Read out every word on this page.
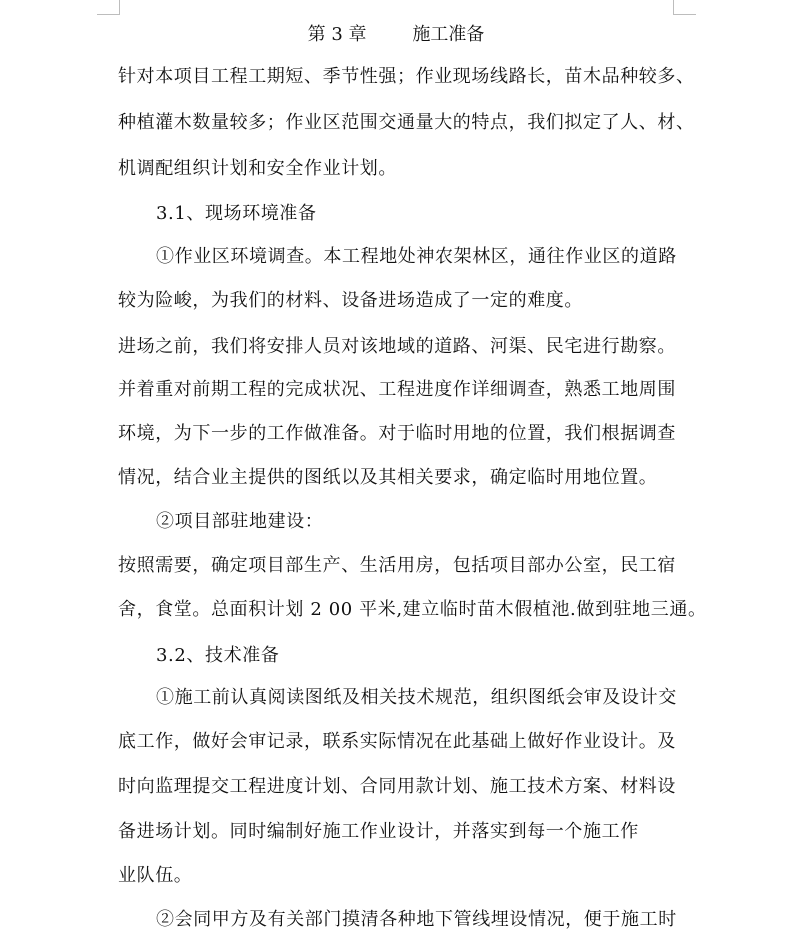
第 3 章	施工准备
针对本项目工程工期短、季节性强；作业现场线路长，苗木品种较多、
种植灌木数量较多；作业区范围交通量大的特点，我们拟定了人、材、
机调配组织计划和安全作业计划。
3.1、现场环境准备
①作业区环境调查。本工程地处神农架林区，通往作业区的道路
较为险峻，为我们的材料、设备进场造成了一定的难度。
进场之前，我们将安排人员对该地域的道路、河渠、民宅进行勘察。
并着重对前期工程的完成状况、工程进度作详细调查，熟悉工地周围
环境，为下一步的工作做准备。对于临时用地的位置，我们根据调查
情况，结合业主提供的图纸以及其相关要求，确定临时用地位置。
②项目部驻地建设：
按照需要，确定项目部生产、生活用房，包括项目部办公室，民工宿
舍，食堂。总面积计划 2 00 平米,建立临时苗木假植池.做到驻地三通。
3.2、技术准备
①施工前认真阅读图纸及相关技术规范，组织图纸会审及设计交
底工作，做好会审记录，联系实际情况在此基础上做好作业设计。及
时向监理提交工程进度计划、合同用款计划、施工技术方案、材料设
备进场计划。同时编制好施工作业设计，并落实到每一个施工作
业队伍。
②会同甲方及有关部门摸清各种地下管线埋设情况，便于施工时
